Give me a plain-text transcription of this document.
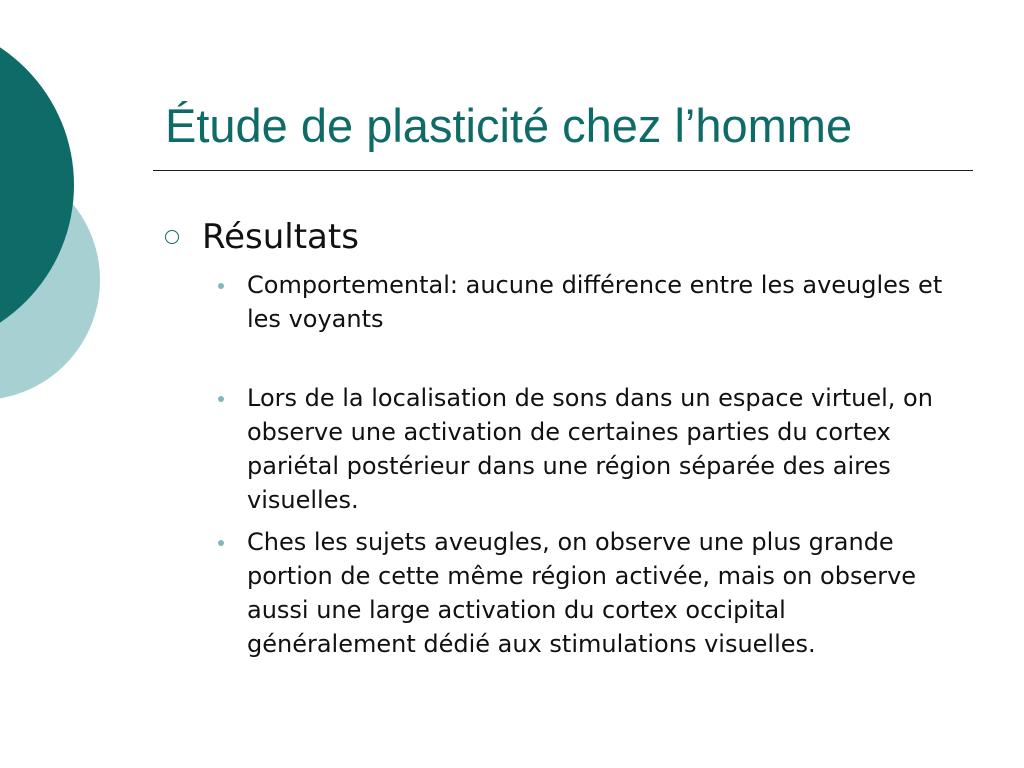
Étude de plasticité chez l’homme
Résultats
Comportemental: aucune différence entre les aveugles et les voyants
Lors de la localisation de sons dans un espace virtuel, on observe une activation de certaines parties du cortex pariétal postérieur dans une région séparée des aires visuelles.
Ches les sujets aveugles, on observe une plus grande portion de cette même région activée, mais on observe aussi une large activation du cortex occipital généralement dédié aux stimulations visuelles.
